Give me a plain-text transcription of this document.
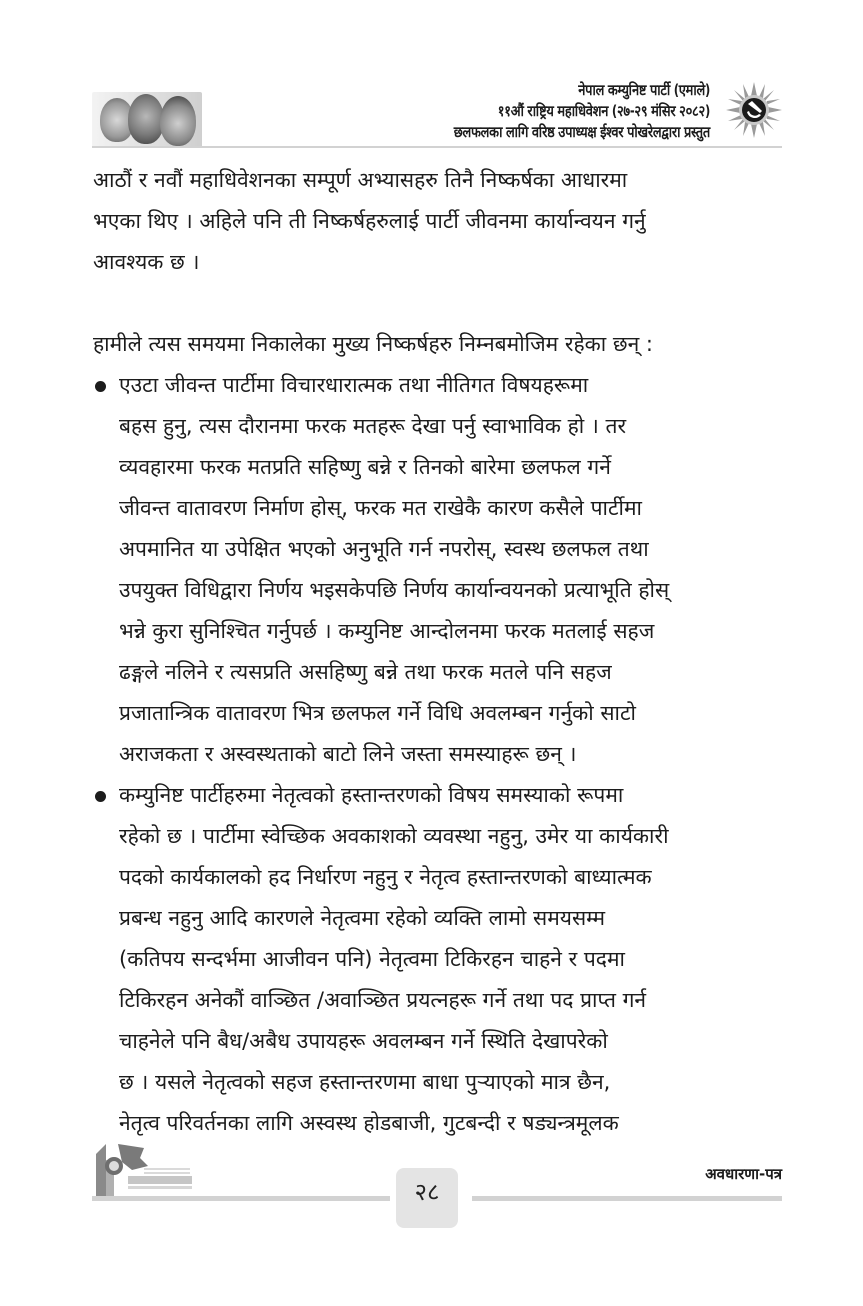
नेपाल कम्युनिष्ट पार्टी (एमाले)
११औं राष्ट्रिय महाधिवेशन (२७-२९ मंसिर २०८२)
छलफलका लागि वरिष्ठ उपाध्यक्ष ईश्वर पोखरेलद्वारा प्रस्तुत

आठौं र नवौं महाधिवेशनका सम्पूर्ण अभ्यासहरु तिनै निष्कर्षका आधारमा
भएका थिए । अहिले पनि ती निष्कर्षहरुलाई पार्टी जीवनमा कार्यान्वयन गर्नु
आवश्यक छ ।

हामीले त्यस समयमा निकालेका मुख्य निष्कर्षहरु निम्नबमोजिम रहेका छन् :

एउटा जीवन्त पार्टीमा विचारधारात्मक तथा नीतिगत विषयहरूमा
बहस हुनु, त्यस दौरानमा फरक मतहरू देखा पर्नु स्वाभाविक हो । तर
व्यवहारमा फरक मतप्रति सहिष्णु बन्ने र तिनको बारेमा छलफल गर्ने
जीवन्त वातावरण निर्माण होस्, फरक मत राखेकै कारण कसैले पार्टीमा
अपमानित या उपेक्षित भएको अनुभूति गर्न नपरोस्, स्वस्थ छलफल तथा
उपयुक्त विधिद्वारा निर्णय भइसकेपछि निर्णय कार्यान्वयनको प्रत्याभूति होस्
भन्ने कुरा सुनिश्चित गर्नुपर्छ । कम्युनिष्ट आन्दोलनमा फरक मतलाई सहज
ढङ्गले नलिने र त्यसप्रति असहिष्णु बन्ने तथा फरक मतले पनि सहज
प्रजातान्त्रिक वातावरण भित्र छलफल गर्ने विधि अवलम्बन गर्नुको साटो
अराजकता र अस्वस्थताको बाटो लिने जस्ता समस्याहरू छन् ।
कम्युनिष्ट पार्टीहरुमा नेतृत्वको हस्तान्तरणको विषय समस्याको रूपमा
रहेको छ । पार्टीमा स्वेच्छिक अवकाशको व्यवस्था नहुनु, उमेर या कार्यकारी
पदको कार्यकालको हद निर्धारण नहुनु र नेतृत्व हस्तान्तरणको बाध्यात्मक
प्रबन्ध नहुनु आदि कारणले नेतृत्वमा रहेको व्यक्ति लामो समयसम्म
(कतिपय सन्दर्भमा आजीवन पनि) नेतृत्वमा टिकिरहन चाहने र पदमा
टिकिरहन अनेकौं वाञ्छित /अवाञ्छित प्रयत्नहरू गर्ने तथा पद प्राप्त गर्न
चाहनेले पनि बैध/अबैध उपायहरू अवलम्बन गर्ने स्थिति देखापरेको
छ । यसले नेतृत्वको सहज हस्तान्तरणमा बाधा पुऱ्याएको मात्र छैन,
नेतृत्व परिवर्तनका लागि अस्वस्थ होडबाजी, गुटबन्दी र षड्यन्त्रमूलक
२८
अवधारणा-पत्र
